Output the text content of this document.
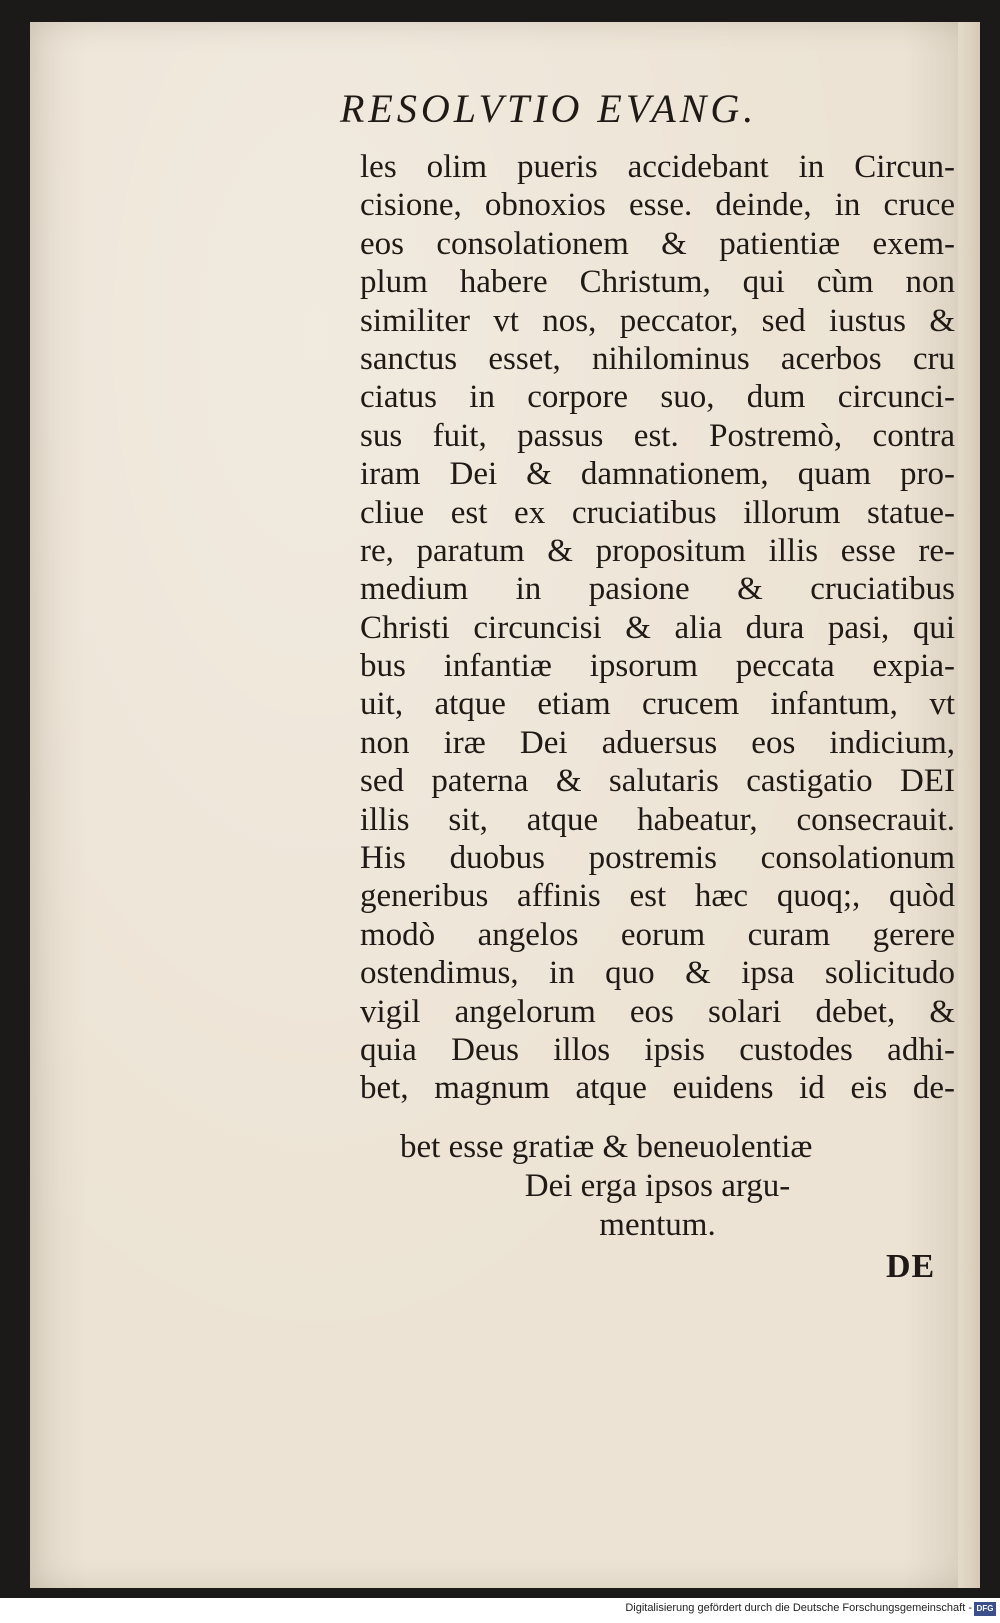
RESOLVTIO EVANG.
les olim pueris accidebant in Circun-
cisione, obnoxios esse. deinde, in cruce
eos consolationem & patientiæ exem-
plum habere Christum, qui cùm non
similiter vt nos, peccator, sed iustus &
sanctus esset, nihilominus acerbos cru
ciatus in corpore suo, dum circunci-
sus fuit, passus est. Postremò, contra
iram Dei & damnationem, quam pro-
cliue est ex cruciatibus illorum statue-
re, paratum & propositum illis esse re-
medium in pasione & cruciatibus
Christi circuncisi & alia dura pasi, qui
bus infantiæ ipsorum peccata expia-
uit, atque etiam crucem infantum, vt
non iræ Dei aduersus eos indicium,
sed paterna & salutaris castigatio DEI
illis sit, atque habeatur, consecrauit.
His duobus postremis consolationum
generibus affinis est hæc quoq;, quòd
modò angelos eorum curam gerere
ostendimus, in quo & ipsa solicitudo
vigil angelorum eos solari debet, &
quia Deus illos ipsis custodes adhi-
bet, magnum atque euidens id eis de-
bet esse gratiæ & beneuolentiæ
Dei erga ipsos argu-
mentum.
DE
Digitalisierung gefördert durch die Deutsche Forschungsgemeinschaft - DFG
